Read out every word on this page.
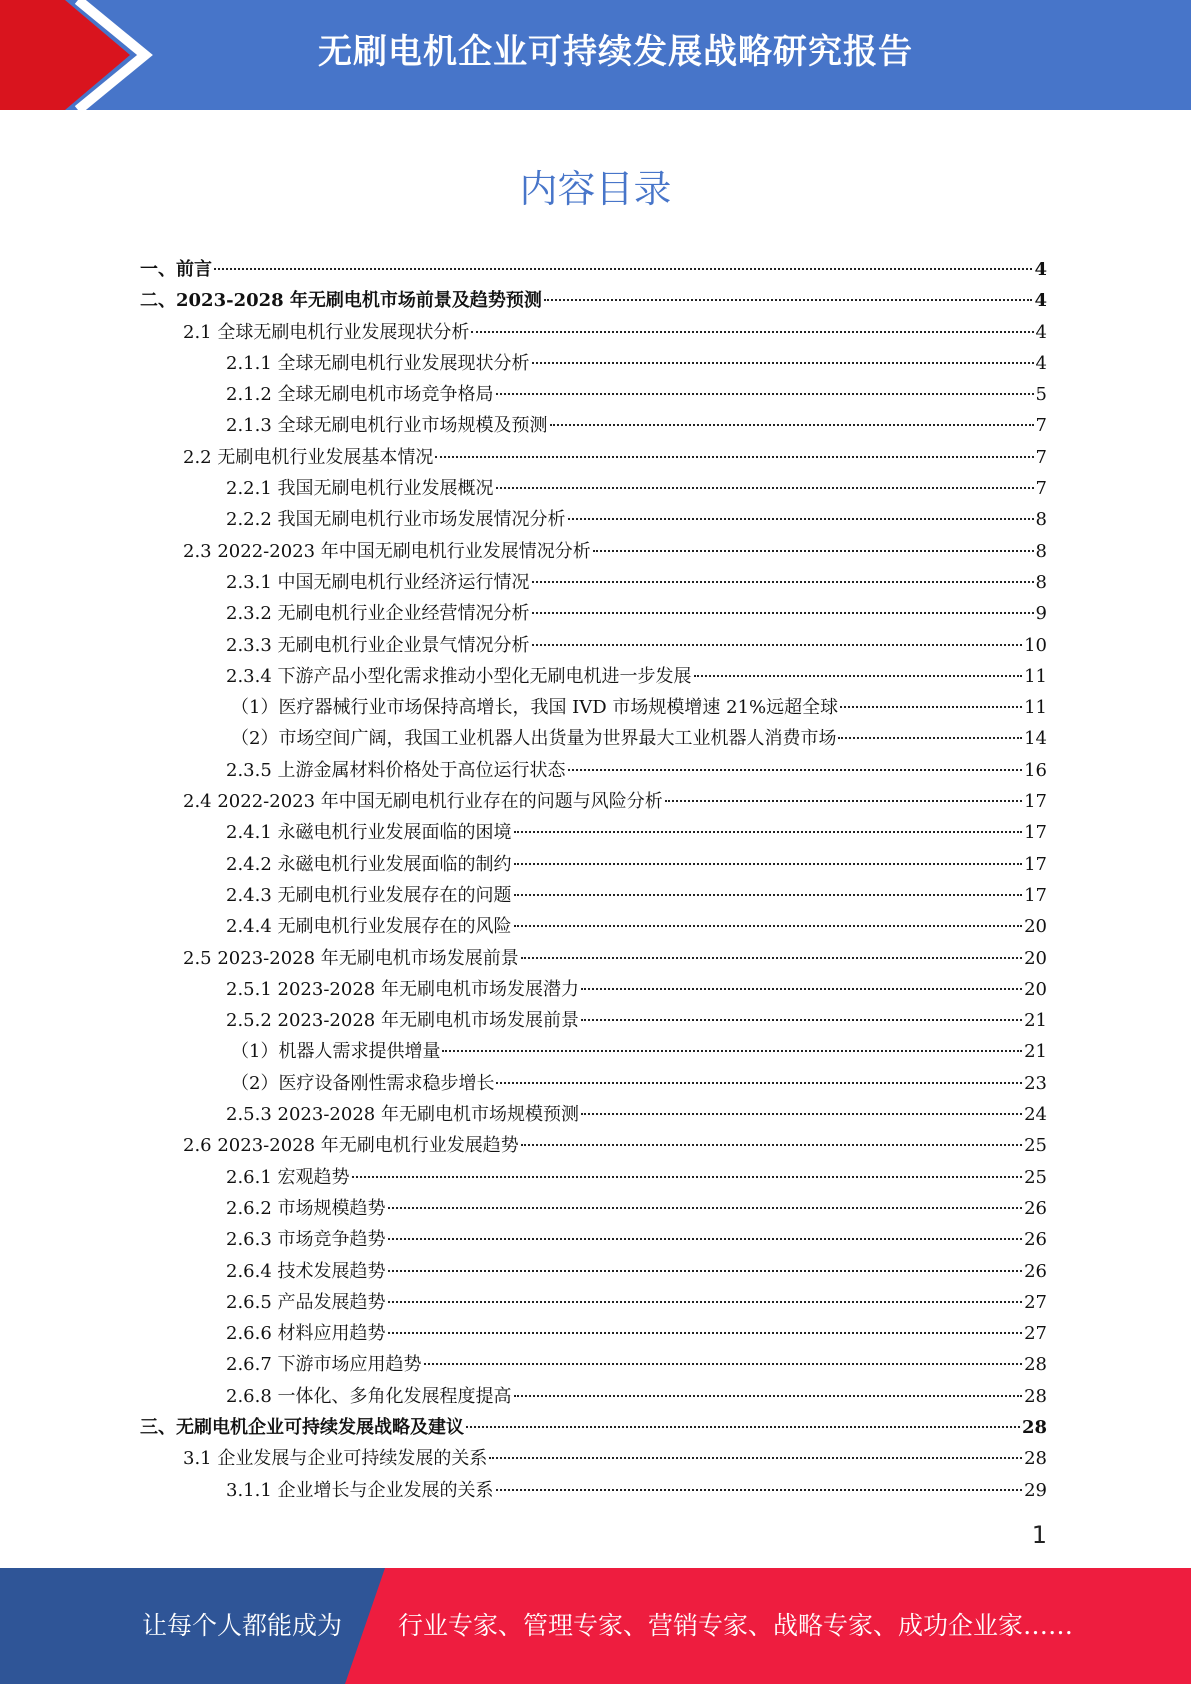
无刷电机企业可持续发展战略研究报告
内容目录
一、前言	4
二、2023-2028 年无刷电机市场前景及趋势预测	4
2.1 全球无刷电机行业发展现状分析	4
2.1.1 全球无刷电机行业发展现状分析	4
2.1.2 全球无刷电机市场竞争格局	5
2.1.3 全球无刷电机行业市场规模及预测	7
2.2 无刷电机行业发展基本情况	7
2.2.1 我国无刷电机行业发展概况	7
2.2.2 我国无刷电机行业市场发展情况分析	8
2.3 2022-2023 年中国无刷电机行业发展情况分析	8
2.3.1 中国无刷电机行业经济运行情况	8
2.3.2 无刷电机行业企业经营情况分析	9
2.3.3 无刷电机行业企业景气情况分析	10
2.3.4 下游产品小型化需求推动小型化无刷电机进一步发展	11
（1）医疗器械行业市场保持高增长，我国 IVD 市场规模增速 21%远超全球	11
（2）市场空间广阔，我国工业机器人出货量为世界最大工业机器人消费市场	14
2.3.5 上游金属材料价格处于高位运行状态	16
2.4 2022-2023 年中国无刷电机行业存在的问题与风险分析	17
2.4.1 永磁电机行业发展面临的困境	17
2.4.2 永磁电机行业发展面临的制约	17
2.4.3 无刷电机行业发展存在的问题	17
2.4.4 无刷电机行业发展存在的风险	20
2.5 2023-2028 年无刷电机市场发展前景	20
2.5.1 2023-2028 年无刷电机市场发展潜力	20
2.5.2 2023-2028 年无刷电机市场发展前景	21
（1）机器人需求提供增量	21
（2）医疗设备刚性需求稳步增长	23
2.5.3 2023-2028 年无刷电机市场规模预测	24
2.6 2023-2028 年无刷电机行业发展趋势	25
2.6.1 宏观趋势	25
2.6.2 市场规模趋势	26
2.6.3 市场竞争趋势	26
2.6.4 技术发展趋势	26
2.6.5 产品发展趋势	27
2.6.6 材料应用趋势	27
2.6.7 下游市场应用趋势	28
2.6.8 一体化、多角化发展程度提高	28
三、无刷电机企业可持续发展战略及建议	28
3.1 企业发展与企业可持续发展的关系	28
3.1.1 企业增长与企业发展的关系	29
1
让每个人都能成为 行业专家、管理专家、营销专家、战略专家、成功企业家……
